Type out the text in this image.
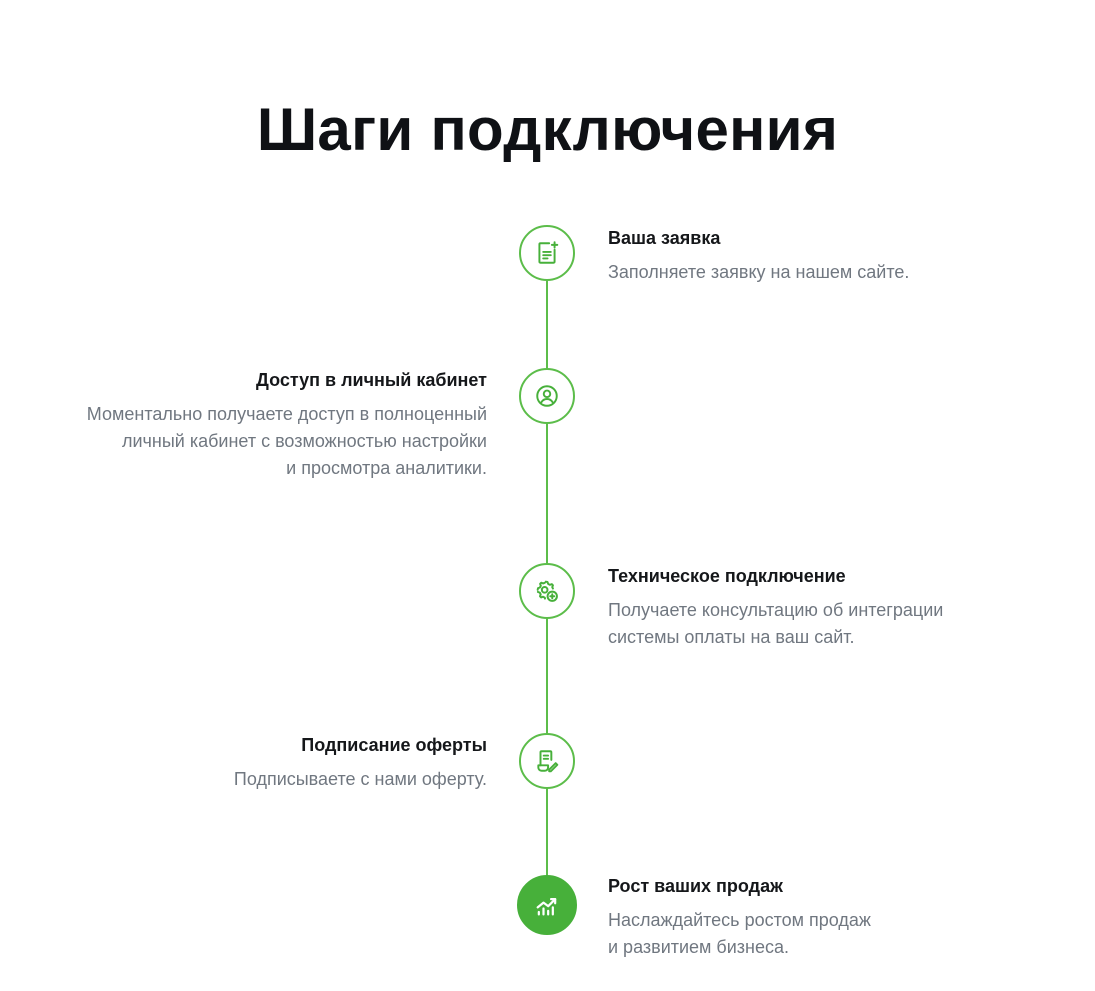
Шаги подключения
Ваша заявка
Заполняете заявку на нашем сайте.
Доступ в личный кабинет
Моментально получаете доступ в полноценный
личный кабинет с возможностью настройки
и просмотра аналитики.
Техническое подключение
Получаете консультацию об интеграции
системы оплаты на ваш сайт.
Подписание оферты
Подписываете с нами оферту.
Рост ваших продаж
Наслаждайтесь ростом продаж
и развитием бизнеса.
